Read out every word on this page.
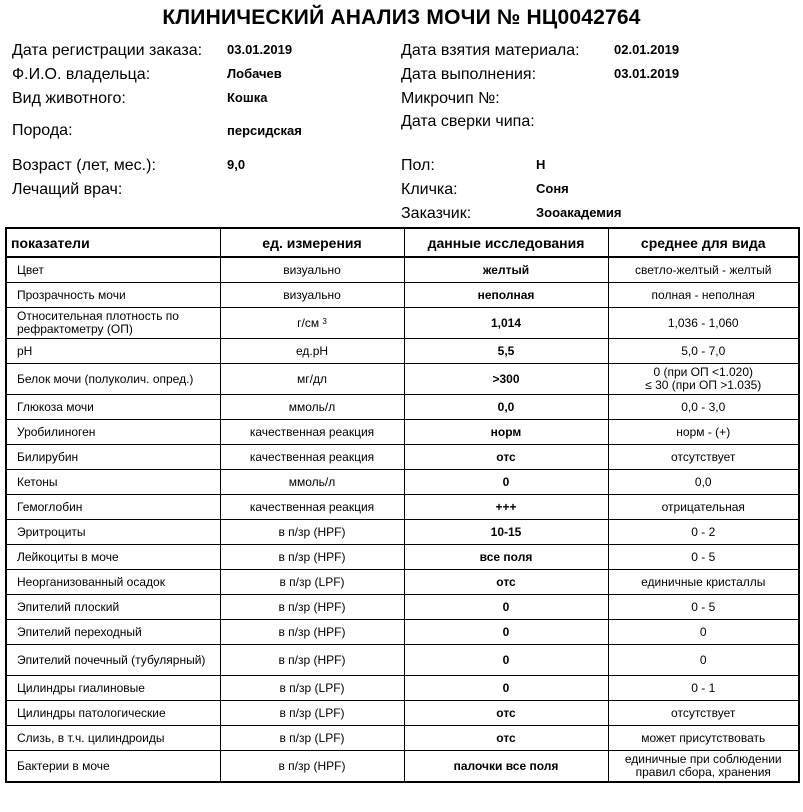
КЛИНИЧЕСКИЙ АНАЛИЗ МОЧИ № НЦ0042764
Дата регистрации заказа: 03.01.2019
Ф.И.О. владельца:	Лобачев
Вид животного:	Кошка
Порода:	персидская
Возраст (лет, мес.):	9,0
Лечащий врач:
Дата взятия материала:	02.01.2019
Дата выполнения:	03.01.2019
Микрочип №:
Дата сверки чипа:
Пол:	Н
Кличка:	Соня
Заказчик:	Зооакадемия
показатели	ед. измерения	данные исследования	среднее для вида
Цвет	визуально	желтый	светло-желтый - желтый
Прозрачность мочи	визуально	неполная	полная - неполная
Относительная плотность по рефрактометру (ОП)	г/см $^3$	1,014	1,036 - 1,060
pH	ед.pH	5,5	5,0 - 7,0
Белок мочи (полуколич. опред.)	мг/дл	>300	0 (при ОП <1.020)
≤ 30 (при ОП >1.035)

Глюкоза мочи	ммоль/л	0,0	0,0 - 3,0
Уробилиноген	качественная реакция	норм	норм - (+)
Билирубин	качественная реакция	отс	отсутствует
Кетоны	ммоль/л	0	0,0
Гемоглобин	качественная реакция	+++	отрицательная
Эритроциты	в п/зр (HPF)	10-15	0 - 2
Лейкоциты в моче	в п/зр (HPF)	все поля	0 - 5
Неорганизованный осадок	в п/зр (LPF)	отс	единичные кристаллы
Эпителий плоский	в п/зр (HPF)	0	0 - 5
Эпителий переходный	в п/зр (HPF)	0	0
Эпителий почечный (тубулярный)	в п/зр (HPF)	0	0
Цилиндры гиалиновые	в п/зр (LPF)	0	0 - 1
Цилиндры патологические	в п/зр (LPF)	отс	отсутствует
Слизь, в т.ч. цилиндроиды	в п/зр (LPF)	отс	может присутствовать
Бактерии в моче	в п/зр (HPF)	палочки все поля	единичные при соблюдении
правил сбора, хранения
